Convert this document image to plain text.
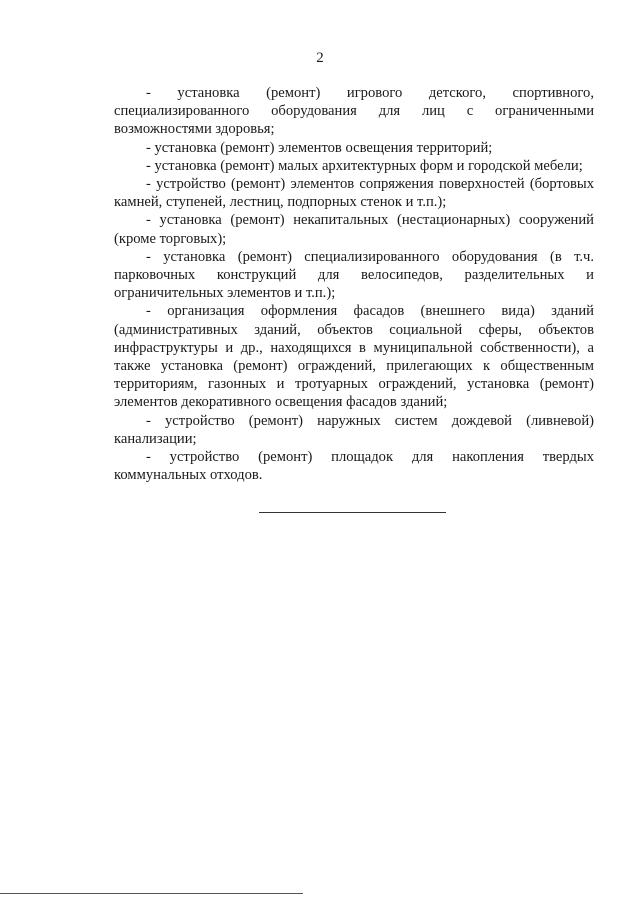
2

- установка (ремонт) игрового детского, спортивного, специализированного оборудования для лиц с ограниченными возможностями здоровья;

- установка (ремонт) элементов освещения территорий;

- установка (ремонт) малых архитектурных форм и городской мебели;

- устройство (ремонт) элементов сопряжения поверхностей (бортовых камней, ступеней, лестниц, подпорных стенок и т.п.);

- установка (ремонт) некапитальных (нестационарных) сооружений (кроме торговых);

- установка (ремонт) специализированного оборудования (в т.ч. парковочных конструкций для велосипедов, разделительных и ограничительных элементов и т.п.);

- организация оформления фасадов (внешнего вида) зданий (административных зданий, объектов социальной сферы, объектов инфраструктуры и др., находящихся в муниципальной собственности), а также установка (ремонт) ограждений, прилегающих к общественным территориям, газонных и тротуарных ограждений, установка (ремонт) элементов декоративного освещения фасадов зданий;

- устройство (ремонт) наружных систем дождевой (ливневой) канализации;

- устройство (ремонт) площадок для накопления твердых коммунальных отходов.
